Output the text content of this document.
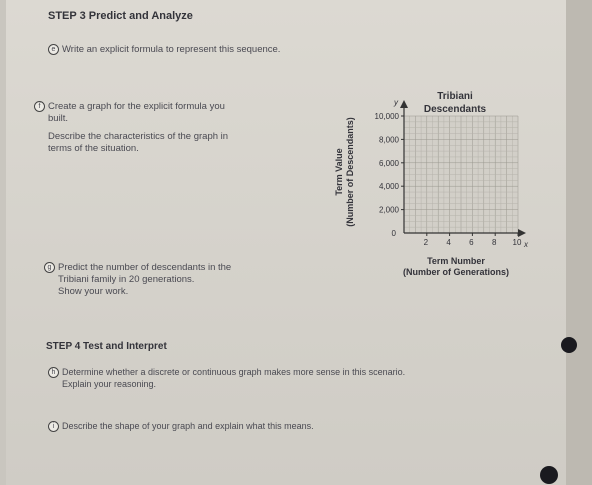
STEP 3 Predict and Analyze
e Write an explicit formula to represent this sequence.
f Create a graph for the explicit formula you
built.
Describe the characteristics of the graph in
terms of the situation.
g Predict the number of descendants in the
Tribiani family in 20 generations.
Show your work.
Tribiani
Descendants
y
x
2,000
4,000
6,000
8,000
10,000
2 4 6 8 10
0
Term Value (Number of Descendants)
Term Number
(Number of Generations)
STEP 4 Test and Interpret
h Determine whether a discrete or continuous graph makes more sense in this scenario.
Explain your reasoning.
i Describe the shape of your graph and explain what this means.
